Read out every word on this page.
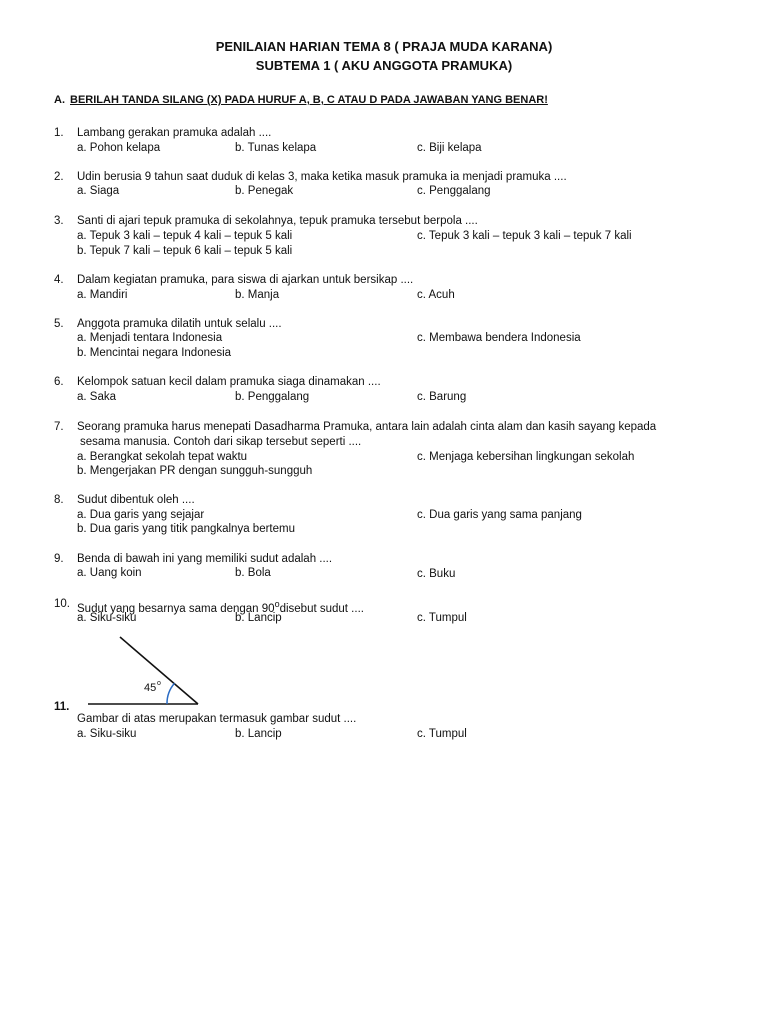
PENILAIAN HARIAN TEMA 8 ( PRAJA MUDA KARANA)
SUBTEMA 1 ( AKU ANGGOTA PRAMUKA)
A. BERILAH TANDA SILANG (X) PADA HURUF A, B, C ATAU D PADA JAWABAN YANG BENAR!
1. Lambang gerakan pramuka adalah ....
a. Pohon kelapa	b. Tunas kelapa	c. Biji kelapa
2. Udin berusia 9 tahun saat duduk di kelas 3, maka ketika masuk pramuka ia menjadi pramuka ....
a. Siaga	b. Penegak	c. Penggalang
3. Santi di ajari tepuk pramuka di sekolahnya, tepuk pramuka tersebut berpola ....
a. Tepuk 3 kali – tepuk 4 kali – tepuk 5 kali	c. Tepuk 3 kali – tepuk 3 kali – tepuk 7 kali
b. Tepuk 7 kali – tepuk 6 kali – tepuk 5 kali
4. Dalam kegiatan pramuka, para siswa di ajarkan untuk bersikap ....
a. Mandiri	b. Manja	c. Acuh
5. Anggota pramuka dilatih untuk selalu ....
a. Menjadi tentara Indonesia	c. Membawa bendera Indonesia
b. Mencintai negara Indonesia
6. Kelompok satuan kecil dalam pramuka siaga dinamakan ....
a. Saka	b. Penggalang	c. Barung
7. Seorang pramuka harus menepati Dasadharma Pramuka, antara lain adalah cinta alam dan kasih sayang kepada
sesama manusia. Contoh dari sikap tersebut seperti ....
a. Berangkat sekolah tepat waktu	c. Menjaga kebersihan lingkungan sekolah
b. Mengerjakan PR dengan sungguh-sungguh
8. Sudut dibentuk oleh ....
a. Dua garis yang sejajar	c. Dua garis yang sama panjang
b. Dua garis yang titik pangkalnya bertemu
9. Benda di bawah ini yang memiliki sudut adalah ....
a. Uang koin	b. Bola	c. Buku
10. Sudut yang besarnya sama dengan 90$^o$disebut sudut ....
a. Siku-siku	b. Lancip	c. Tumpul
45 o
11.
Gambar di atas merupakan termasuk gambar sudut ....
a. Siku-siku	b. Lancip	c. Tumpul
